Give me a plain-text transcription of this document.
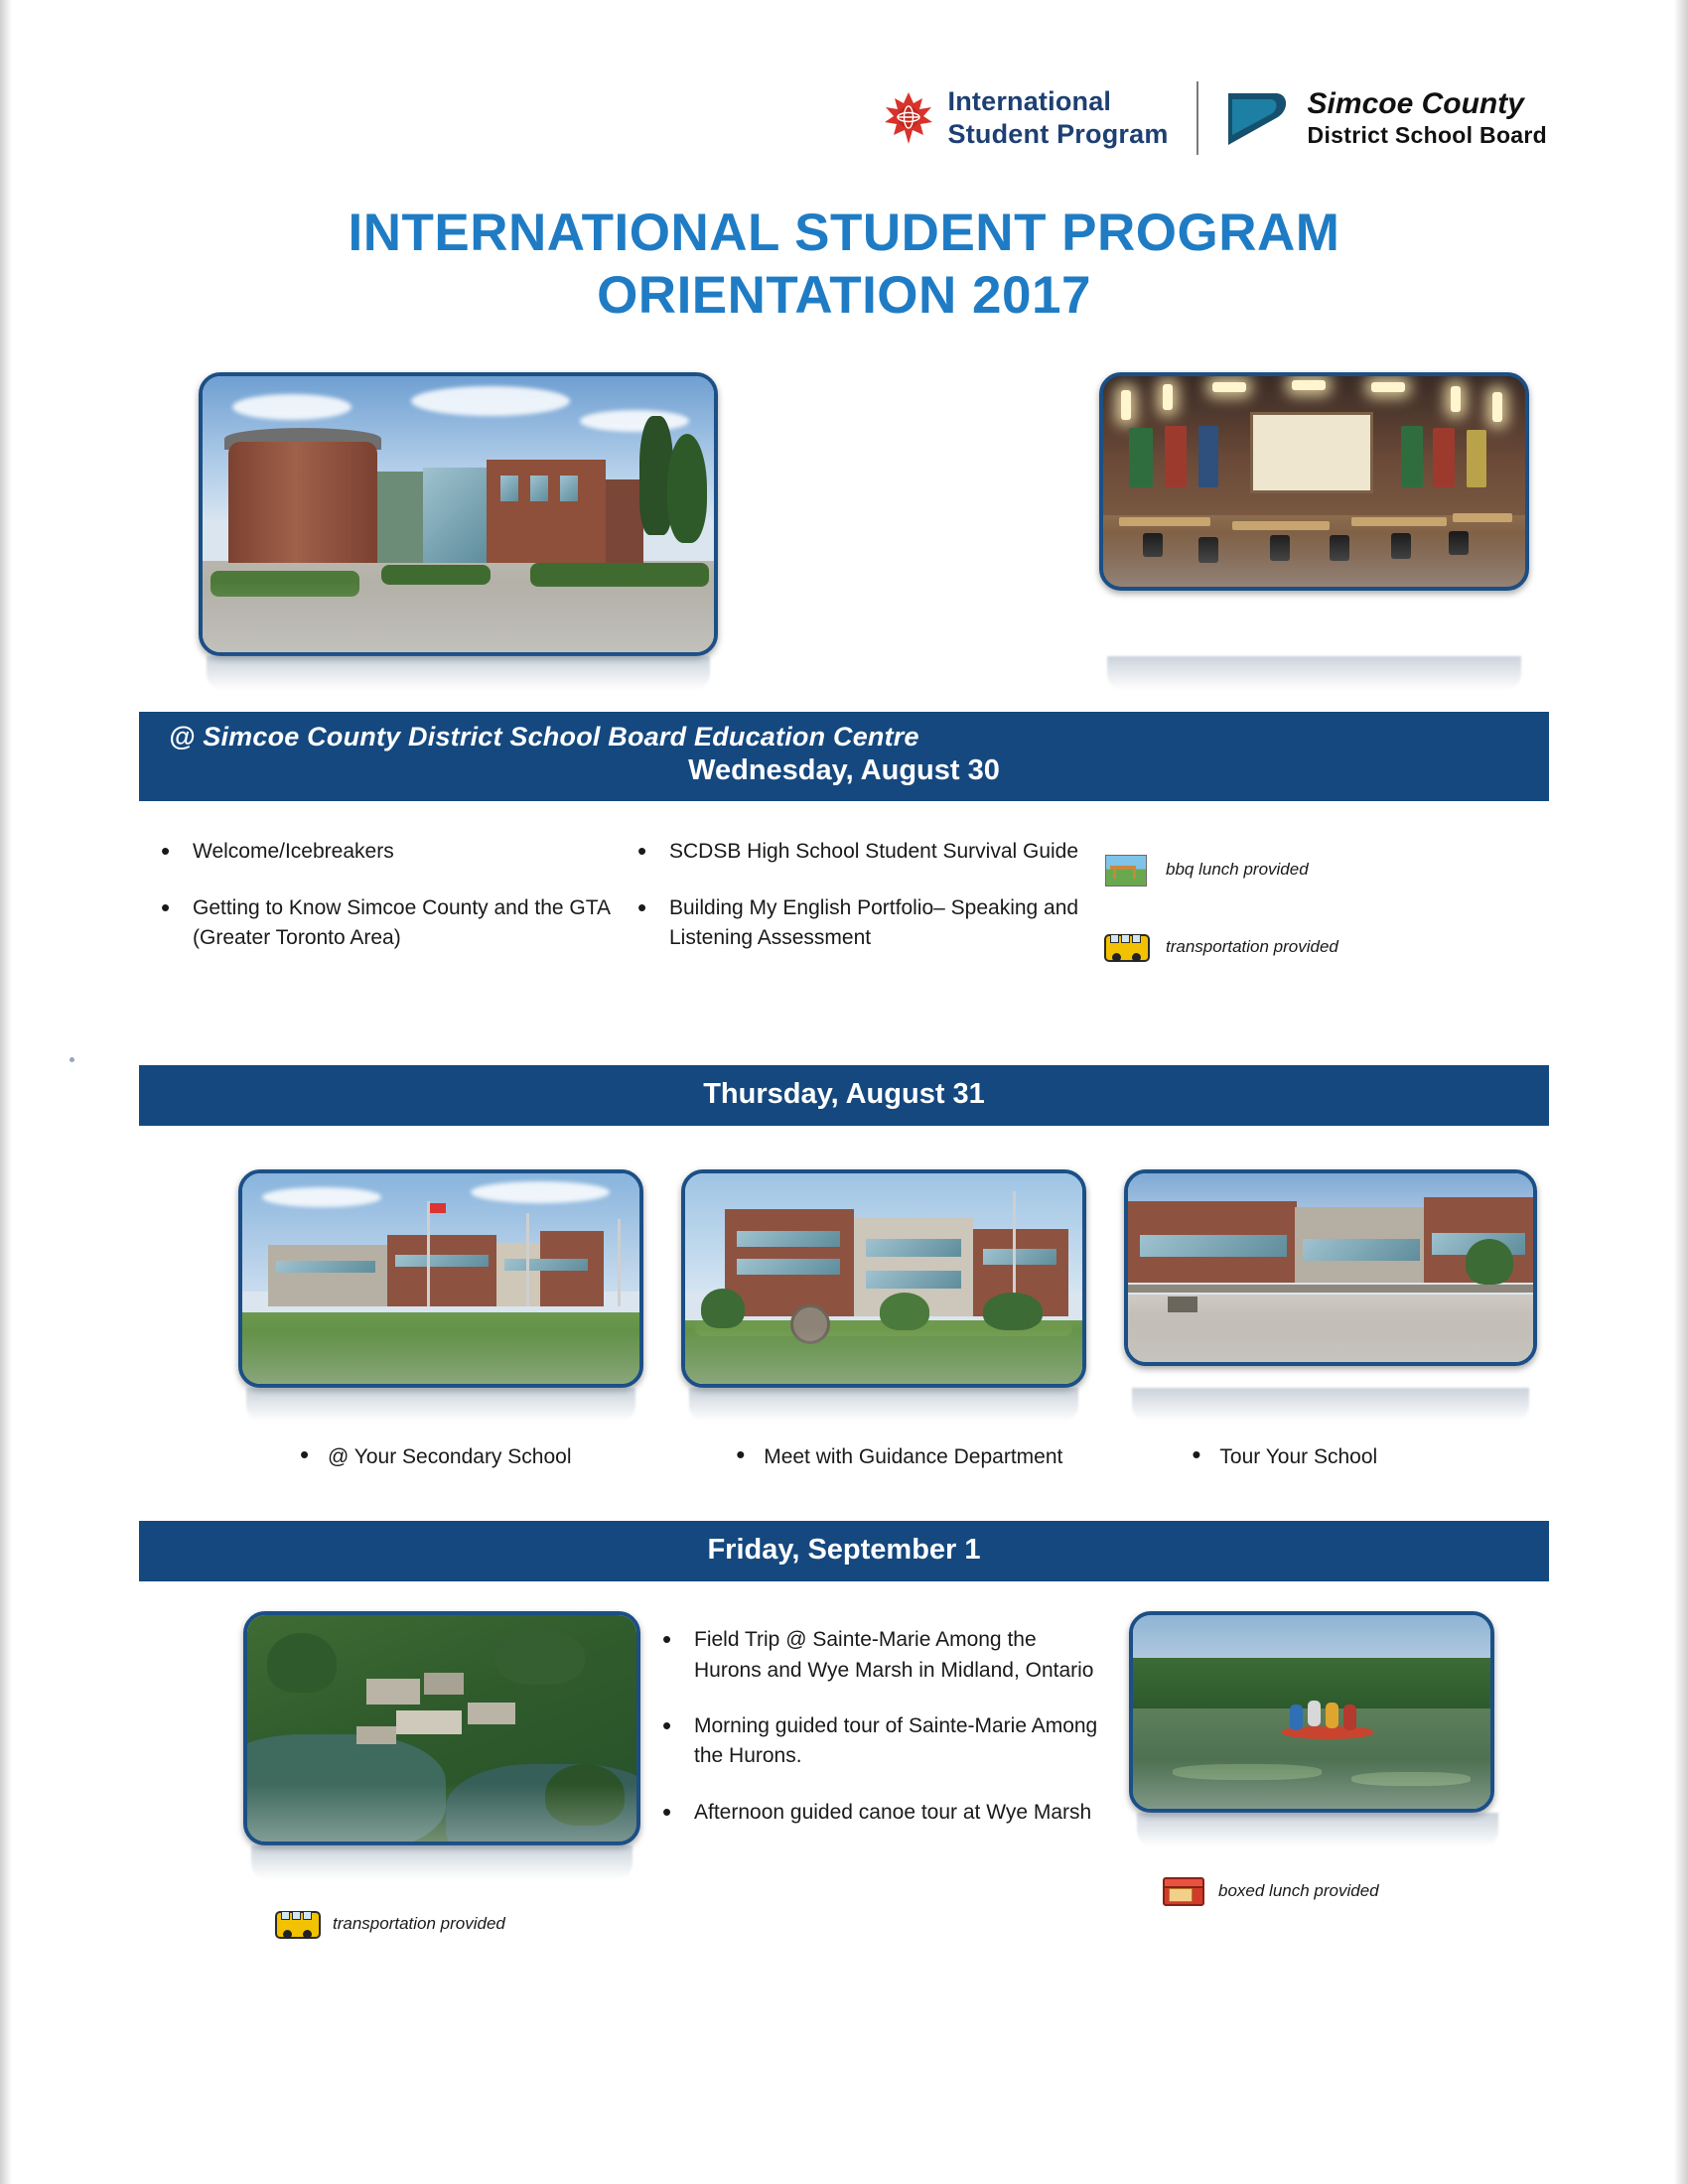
International
Student Program
Simcoe County
District School Board
INTERNATIONAL STUDENT PROGRAM
ORIENTATION 2017
@ Simcoe County District School Board Education Centre
Wednesday, August 30
• Welcome/Icebreakers
• Getting to Know Simcoe County and the GTA (Greater Toronto Area)
• SCDSB High School Student Survival Guide
• Building My English Portfolio– Speaking and Listening Assessment
bbq lunch provided
transportation provided
Thursday, August 31
• @ Your Secondary School	• Meet with Guidance Department	• Tour Your School
Friday, September 1
transportation provided
• Field Trip @ Sainte-Marie Among the Hurons and Wye Marsh in Midland, Ontario
• Morning guided tour of Sainte-Marie Among the Hurons.
• Afternoon guided canoe tour at Wye Marsh
boxed lunch provided
